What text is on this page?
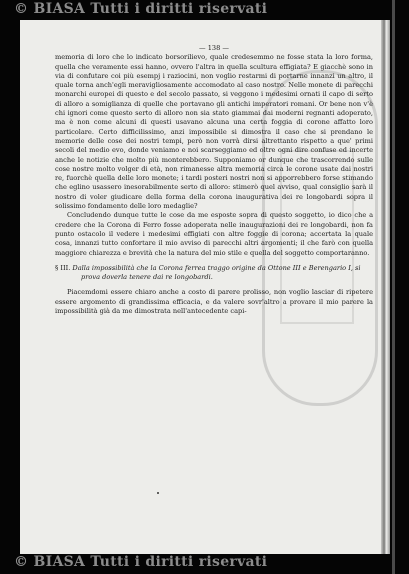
© BIASA Tutti i diritti riservati
— 138 —

memoria di loro che lo indicato borsorilievo, quale credesemmo ne fosse stata la loro forma, quella che veramente essi hanno, ovvero l'altra in quella scultura effigiata? E giacchè sono in via di confutare coi più esempj i raziocini, non voglio restarmi di portarne innanzi un altro, il quale torna anch'egli meravigliosamente accomodato al caso nostro. Nelle monete di parecchi monarchi europei di questo e del secolo passato, si veggono i medesimi ornati il capo di serto di alloro a somiglianza di quelle che portavano gli antichi imperatori romani. Or bene non v'è chi ignori come questo serto di alloro non sia stato giammai dai moderni regnanti adoperato, ma è non come alcuni di questi usavano alcuna una certa foggia di corone affatto loro particolare. Certo difficilissimo, anzi impossibile si dimostra il caso che si prendano le memorie delle cose dei nostri tempi, però non vorrà dirsi altrettanto rispetto a que' primi secoli del medio evo, donde veniamo e noi scarseggiamo ed oltre ogni dire confuse ed incerte anche le notizie che molto più monterebbero. Supponiamo or dunque che trascorrendo sulle cose nostre molto volger di età, non rimanesse altra memoria circa le corone usate dai nostri re, fuorchè quella delle loro monete; i tardi posteri nostri non si apporrebbero forse stimando che eglino usassero inesorabilmente serto di alloro: stimerò quel avviso, qual consiglio sarà il nostro di voler giudicare della forma della corona inaugurativa dei re longobardi sopra il solissimo fondamento delle loro medaglie?

Concludendo dunque tutte le cose da me esposte sopra di questo soggetto, io dico che a credere che la Corona di Ferro fosse adoperata nelle inaugurazioni dei re longobardi, non fa punto ostacolo il vedere i medesimi effigiati con altre foggie di corona; accertata la quale cosa, innanzi tutto confortare il mio avviso di parecchi altri argomenti; il che farò con quella maggiore chiarezza e brevità che la natura del mio stile e quella del soggetto comportaranno.

§ III. Dalla impossibilità che la Corona ferrea traggo origine da Ottone III e Berengario I, si prova doverla tenere dai re longobardi.

Piacemdomi essere chiaro anche a costo di parere prolisso, non voglio lasciar di ripetere essere argomento di grandissima efficacia, e da valere sovr'altro a provare il mio parere la impossibilità già da me dimostrata nell'antecedente capi-

© BIASA Tutti i diritti riservati
